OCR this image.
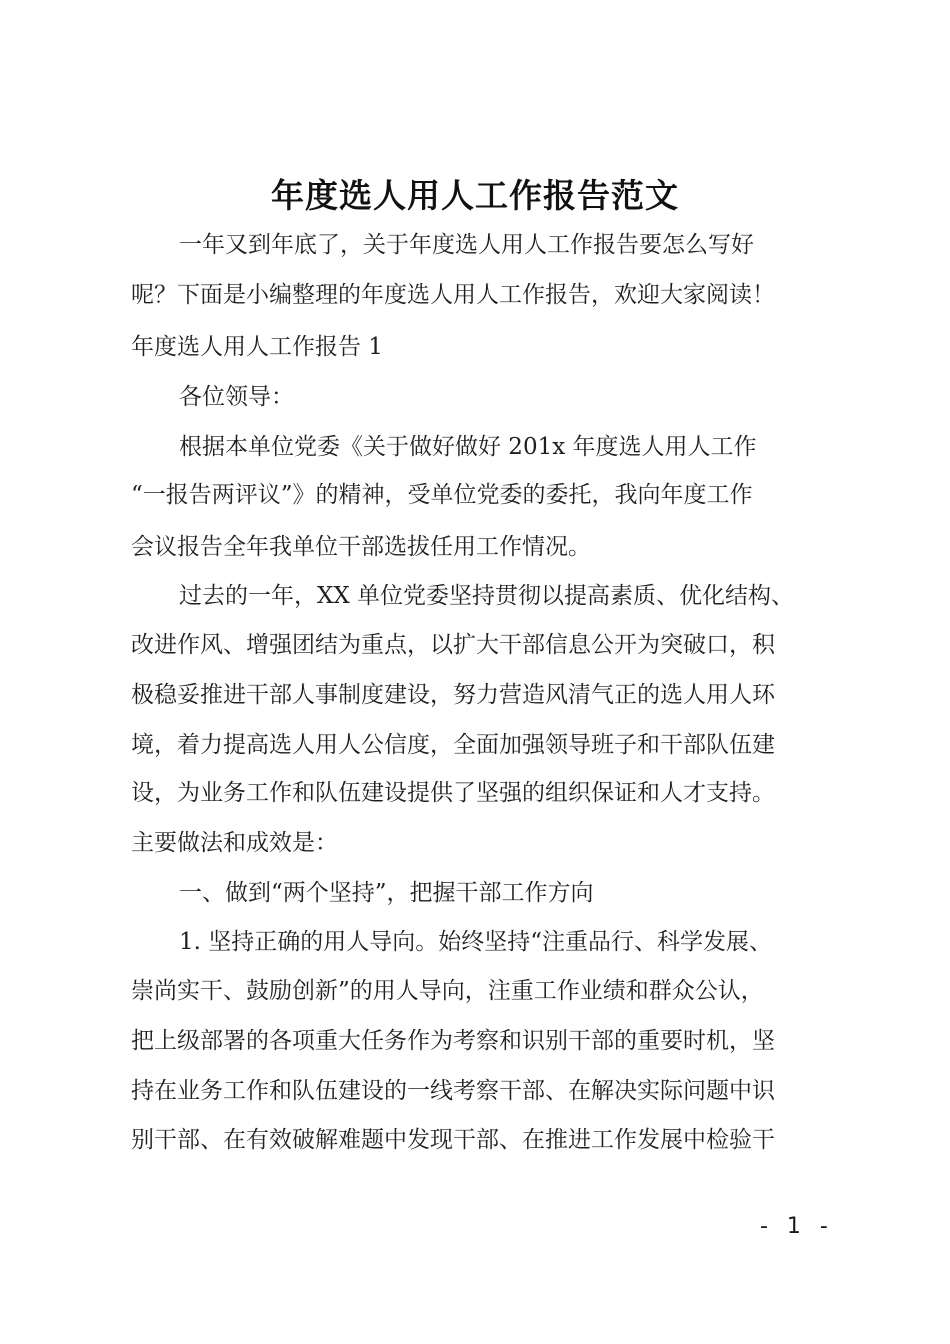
年度选人用人工作报告范文
一年又到年底了，关于年度选人用人工作报告要怎么写好
呢？下面是小编整理的年度选人用人工作报告，欢迎大家阅读！
年度选人用人工作报告 1
各位领导：
根据本单位党委《关于做好做好 201x 年度选人用人工作
“一报告两评议”》的精神，受单位党委的委托，我向年度工作
会议报告全年我单位干部选拔任用工作情况。
过去的一年，XX 单位党委坚持贯彻以提高素质、优化结构、
改进作风、增强团结为重点，以扩大干部信息公开为突破口，积
极稳妥推进干部人事制度建设，努力营造风清气正的选人用人环
境，着力提高选人用人公信度，全面加强领导班子和干部队伍建
设，为业务工作和队伍建设提供了坚强的组织保证和人才支持。
主要做法和成效是：
一、做到“两个坚持”，把握干部工作方向
1. 坚持正确的用人导向。始终坚持“注重品行、科学发展、
崇尚实干、鼓励创新”的用人导向，注重工作业绩和群众公认，
把上级部署的各项重大任务作为考察和识别干部的重要时机，坚
持在业务工作和队伍建设的一线考察干部、在解决实际问题中识
别干部、在有效破解难题中发现干部、在推进工作发展中检验干
- 1 -
